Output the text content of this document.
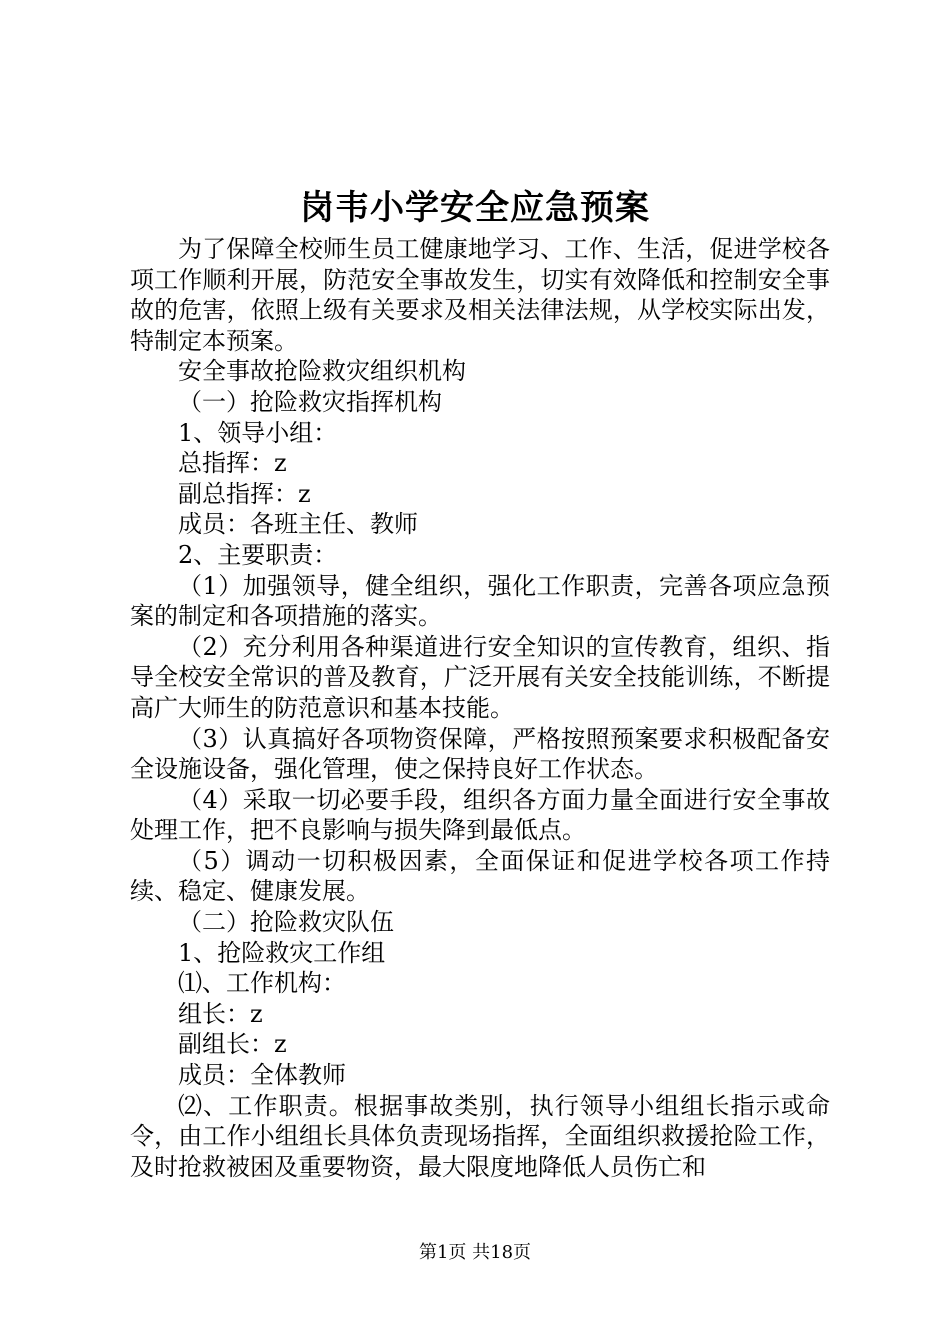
岗韦小学安全应急预案

为了保障全校师生员工健康地学习、工作、生活，促进学校各项工作顺利开展，防范安全事故发生，切实有效降低和控制安全事故的危害，依照上级有关要求及相关法律法规，从学校实际出发，特制定本预案。

安全事故抢险救灾组织机构

（一）抢险救灾指挥机构

1、领导小组：

总指挥：z

副总指挥：z

成员：各班主任、教师

2、主要职责：

（1）加强领导，健全组织，强化工作职责，完善各项应急预案的制定和各项措施的落实。

（2）充分利用各种渠道进行安全知识的宣传教育，组织、指导全校安全常识的普及教育，广泛开展有关安全技能训练，不断提高广大师生的防范意识和基本技能。

（3）认真搞好各项物资保障，严格按照预案要求积极配备安全设施设备，强化管理，使之保持良好工作状态。

（4）采取一切必要手段，组织各方面力量全面进行安全事故处理工作，把不良影响与损失降到最低点。

（5）调动一切积极因素，全面保证和促进学校各项工作持续、稳定、健康发展。

（二）抢险救灾队伍

1、抢险救灾工作组

⑴、工作机构：

组长：z

副组长：z

成员：全体教师

⑵、工作职责。根据事故类别，执行领导小组组长指示或命令，由工作小组组长具体负责现场指挥，全面组织救援抢险工作，及时抢救被困及重要物资，最大限度地降低人员伤亡和

第1页 共18页
